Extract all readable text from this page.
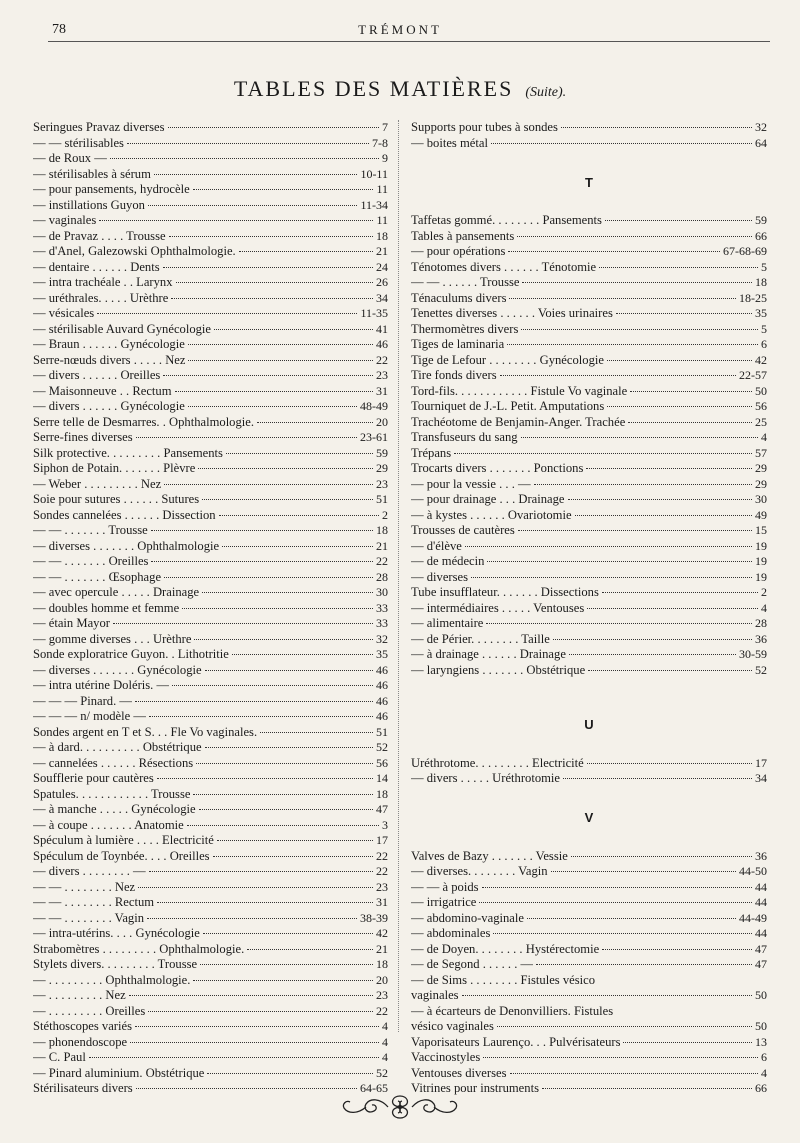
78	TRÉMONT
TABLES DES MATIÈRES (Suite).
Seringues Pravaz diverses	7
— — stérilisables	7-8
— de Roux —	9
— stérilisables à sérum	10-11
— pour pansements, hydrocèle	11
— instillations Guyon	11-34
— vaginales	11
— de Pravaz . . . . Trousse	18
— d'Anel, Galezowski Ophthalmologie.	21
— dentaire . . . . . . Dents	24
— intra trachéale . . Larynx	26
— uréthrales. . . . . Urèthre	34
— vésicales	11-35
— stérilisable Auvard Gynécologie	41
— Braun . . . . . . Gynécologie	46
Serre-nœuds divers . . . . . Nez	22
— divers . . . . . . Oreilles	23
— Maisonneuve . . Rectum	31
— divers . . . . . . Gynécologie	48-49
Serre telle de Desmarres. . Ophthalmologie.	20
Serre-fines diverses	23-61
Silk protective. . . . . . . . . Pansements	59
Siphon de Potain. . . . . . . Plèvre	29
— Weber . . . . . . . . . Nez	23
Soie pour sutures . . . . . . Sutures	51
Sondes cannelées . . . . . . Dissection	2
— — . . . . . . . Trousse	18
— diverses . . . . . . . Ophthalmologie	21
— — . . . . . . . Oreilles	22
— — . . . . . . . Œsophage	28
— avec opercule . . . . . Drainage	30
— doubles homme et femme	33
— étain Mayor	33
— gomme diverses . . . Urèthre	32
Sonde exploratrice Guyon. . Lithotritie	35
— diverses . . . . . . . Gynécologie	46
— intra utérine Doléris. —	46
— — — Pinard. —	46
— — — n/ modèle —	46
Sondes argent en T et S. . . Fle Vo vaginales.	51
— à dard. . . . . . . . . . Obstétrique	52
— cannelées . . . . . . Résections	56
Soufflerie pour cautères	14
Spatules. . . . . . . . . . . . Trousse	18
— à manche . . . . . Gynécologie	47
— à coupe . . . . . . . Anatomie	3
Spéculum à lumière . . . . Electricité	17
Spéculum de Toynbée. . . . Oreilles	22
— divers . . . . . . . . —	22
— — . . . . . . . . Nez	23
— — . . . . . . . . Rectum	31
— — . . . . . . . . Vagin	38-39
— intra-utérins. . . . Gynécologie	42
Strabomètres . . . . . . . . . Ophthalmologie.	21
Stylets divers. . . . . . . . . Trousse	18
— . . . . . . . . . Ophthalmologie.	20
— . . . . . . . . . Nez	23
— . . . . . . . . . Oreilles	22
Stéthoscopes variés	4
— phonendoscope	4
— C. Paul	4
— Pinard aluminium. Obstétrique	52
Stérilisateurs divers	64-65
Supports pour tubes à sondes	32
— boites métal	64
T
Taffetas gommé. . . . . . . . Pansements	59
Tables à pansements	66
— pour opérations	67-68-69
Ténotomes divers . . . . . . Ténotomie	5
— — . . . . . . Trousse	18
Ténaculums divers	18-25
Tenettes diverses . . . . . . Voies urinaires	35
Thermomètres divers	5
Tiges de laminaria	6
Tige de Lefour . . . . . . . . Gynécologie	42
Tire fonds divers	22-57
Tord-fils. . . . . . . . . . . . Fistule Vo vaginale	50
Tourniquet de J.-L. Petit. Amputations	56
Trachéotome de Benjamin-Anger. Trachée	25
Transfuseurs du sang	4
Trépans	57
Trocarts divers . . . . . . . Ponctions	29
— pour la vessie . . . —	29
— pour drainage . . . Drainage	30
— à kystes . . . . . . Ovariotomie	49
Trousses de cautères	15
— d'élève	19
— de médecin	19
— diverses	19
Tube insufflateur. . . . . . . Dissections	2
— intermédiaires . . . . . Ventouses	4
— alimentaire	28
— de Périer. . . . . . . . Taille	36
— à drainage . . . . . . Drainage	30-59
— laryngiens . . . . . . . Obstétrique	52
U
Uréthrotome. . . . . . . . . Electricité	17
— divers . . . . . Uréthrotomie	34
V
Valves de Bazy . . . . . . . Vessie	36
— diverses. . . . . . . . Vagin	44-50
— — à poids	44
— irrigatrice	44
— abdomino-vaginale	44-49
— abdominales	44
— de Doyen. . . . . . . . Hystérectomie	47
— de Segond . . . . . . —	47
— de Sims . . . . . . . . Fistules vésico
vaginales	50
— à écarteurs de Denonvilliers. Fistules
vésico vaginales	50
Vaporisateurs Laurenço. . . Pulvérisateurs	13
Vaccinostyles	6
Ventouses diverses	4
Vitrines pour instruments	66
